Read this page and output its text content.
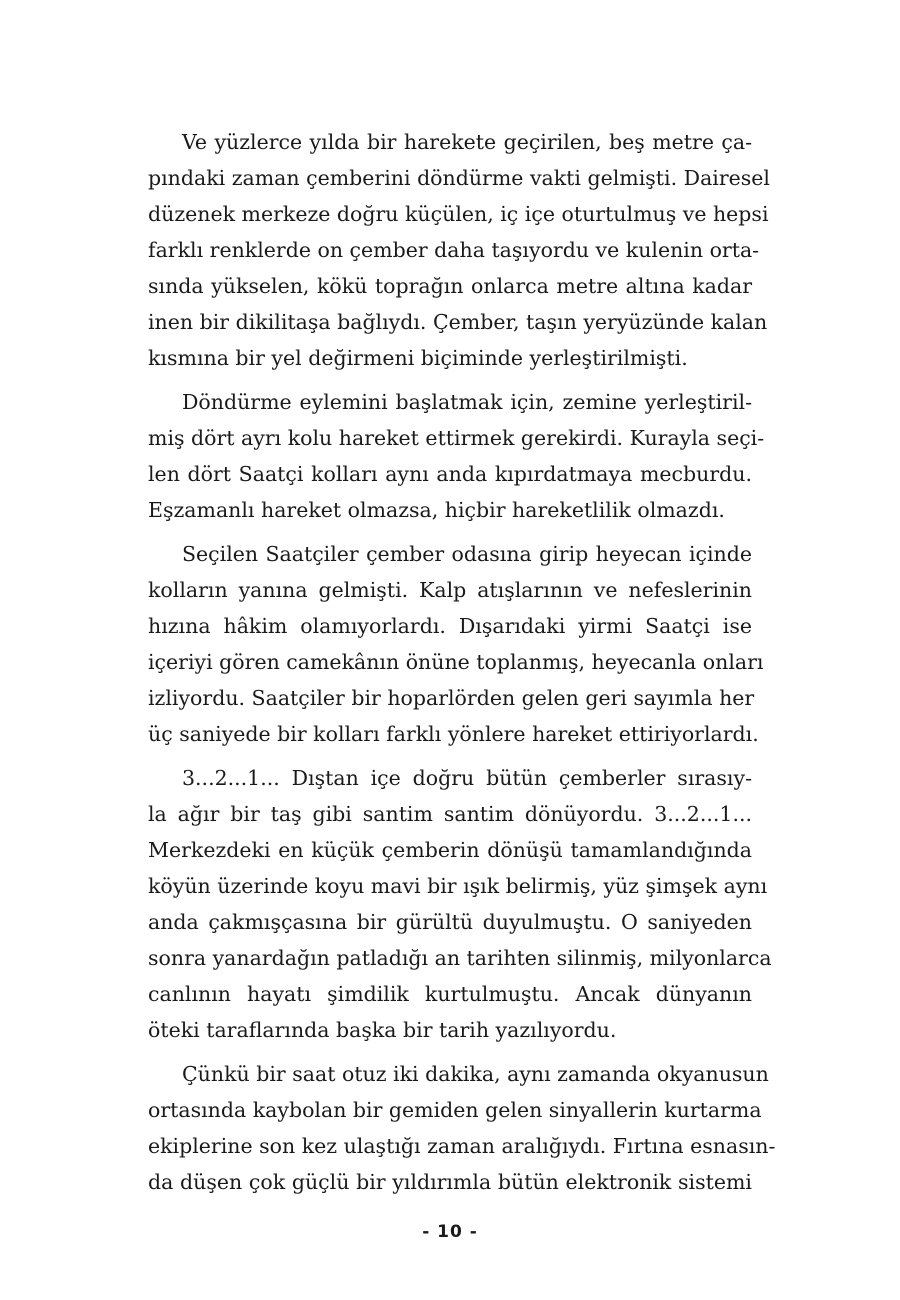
Ve yüzlerce yılda bir harekete geçirilen, beş metre ça-
pındaki zaman çemberini döndürme vakti gelmişti. Dairesel
düzenek merkeze doğru küçülen, iç içe oturtulmuş ve hepsi
farklı renklerde on çember daha taşıyordu ve kulenin orta-
sında yükselen, kökü toprağın onlarca metre altına kadar
inen bir dikilitaşa bağlıydı. Çember, taşın yeryüzünde kalan
kısmına bir yel değirmeni biçiminde yerleştirilmişti.
Döndürme eylemini başlatmak için, zemine yerleştiril-
miş dört ayrı kolu hareket ettirmek gerekirdi. Kurayla seçi-
len dört Saatçi kolları aynı anda kıpırdatmaya mecburdu.
Eşzamanlı hareket olmazsa, hiçbir hareketlilik olmazdı.
Seçilen Saatçiler çember odasına girip heyecan içinde
kolların yanına gelmişti. Kalp atışlarının ve nefeslerinin
hızına hâkim olamıyorlardı. Dışarıdaki yirmi Saatçi ise
içeriyi gören camekânın önüne toplanmış, heyecanla onları
izliyordu. Saatçiler bir hoparlörden gelen geri sayımla her
üç saniyede bir kolları farklı yönlere hareket ettiriyorlardı.
3...2...1... Dıştan içe doğru bütün çemberler sırasıy-
la ağır bir taş gibi santim santim dönüyordu. 3...2...1...
Merkezdeki en küçük çemberin dönüşü tamamlandığında
köyün üzerinde koyu mavi bir ışık belirmiş, yüz şimşek aynı
anda çakmışçasına bir gürültü duyulmuştu. O saniyeden
sonra yanardağın patladığı an tarihten silinmiş, milyonlarca
canlının hayatı şimdilik kurtulmuştu. Ancak dünyanın
öteki taraflarında başka bir tarih yazılıyordu.
Çünkü bir saat otuz iki dakika, aynı zamanda okyanusun
ortasında kaybolan bir gemiden gelen sinyallerin kurtarma
ekiplerine son kez ulaştığı zaman aralığıydı. Fırtına esnasın-
da düşen çok güçlü bir yıldırımla bütün elektronik sistemi
- 10 -
